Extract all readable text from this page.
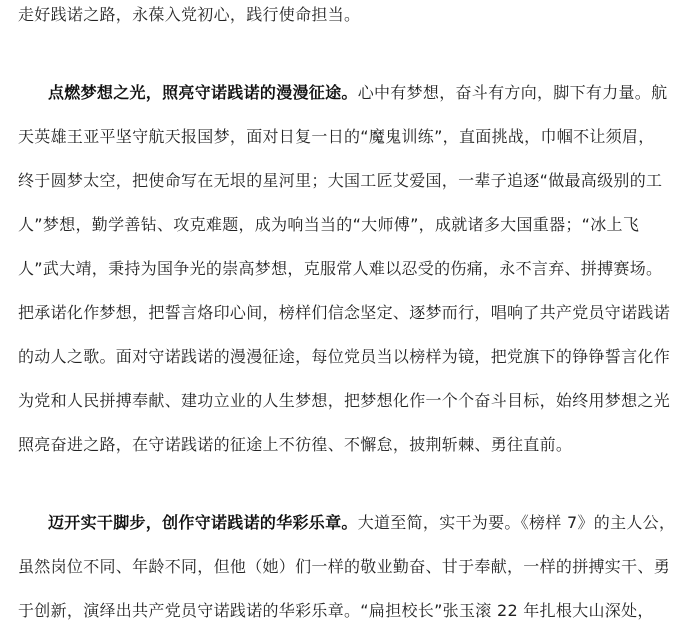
走好践诺之路，永葆入党初心，践行使命担当。
点燃梦想之光，照亮守诺践诺的漫漫征途。心中有梦想，奋斗有方向，脚下有力量。航
天英雄王亚平坚守航天报国梦，面对日复一日的“魔鬼训练”，直面挑战，巾帼不让须眉，
终于圆梦太空，把使命写在无垠的星河里；大国工匠艾爱国，一辈子追逐“做最高级别的工
人”梦想，勤学善钻、攻克难题，成为响当当的“大师傅”，成就诸多大国重器；“冰上飞
人”武大靖，秉持为国争光的崇高梦想，克服常人难以忍受的伤痛，永不言弃、拼搏赛场。
把承诺化作梦想，把誓言烙印心间，榜样们信念坚定、逐梦而行，唱响了共产党员守诺践诺
的动人之歌。面对守诺践诺的漫漫征途，每位党员当以榜样为镜，把党旗下的铮铮誓言化作
为党和人民拼搏奉献、建功立业的人生梦想，把梦想化作一个个奋斗目标，始终用梦想之光
照亮奋进之路，在守诺践诺的征途上不彷徨、不懈怠，披荆斩棘、勇往直前。
迈开实干脚步，创作守诺践诺的华彩乐章。大道至简，实干为要。《榜样 7》的主人公，
虽然岗位不同、年龄不同，但他（她）们一样的敬业勤奋、甘于奉献，一样的拼搏实干、勇
于创新，演绎出共产党员守诺践诺的华彩乐章。“扁担校长”张玉滚 22 年扎根大山深处，
